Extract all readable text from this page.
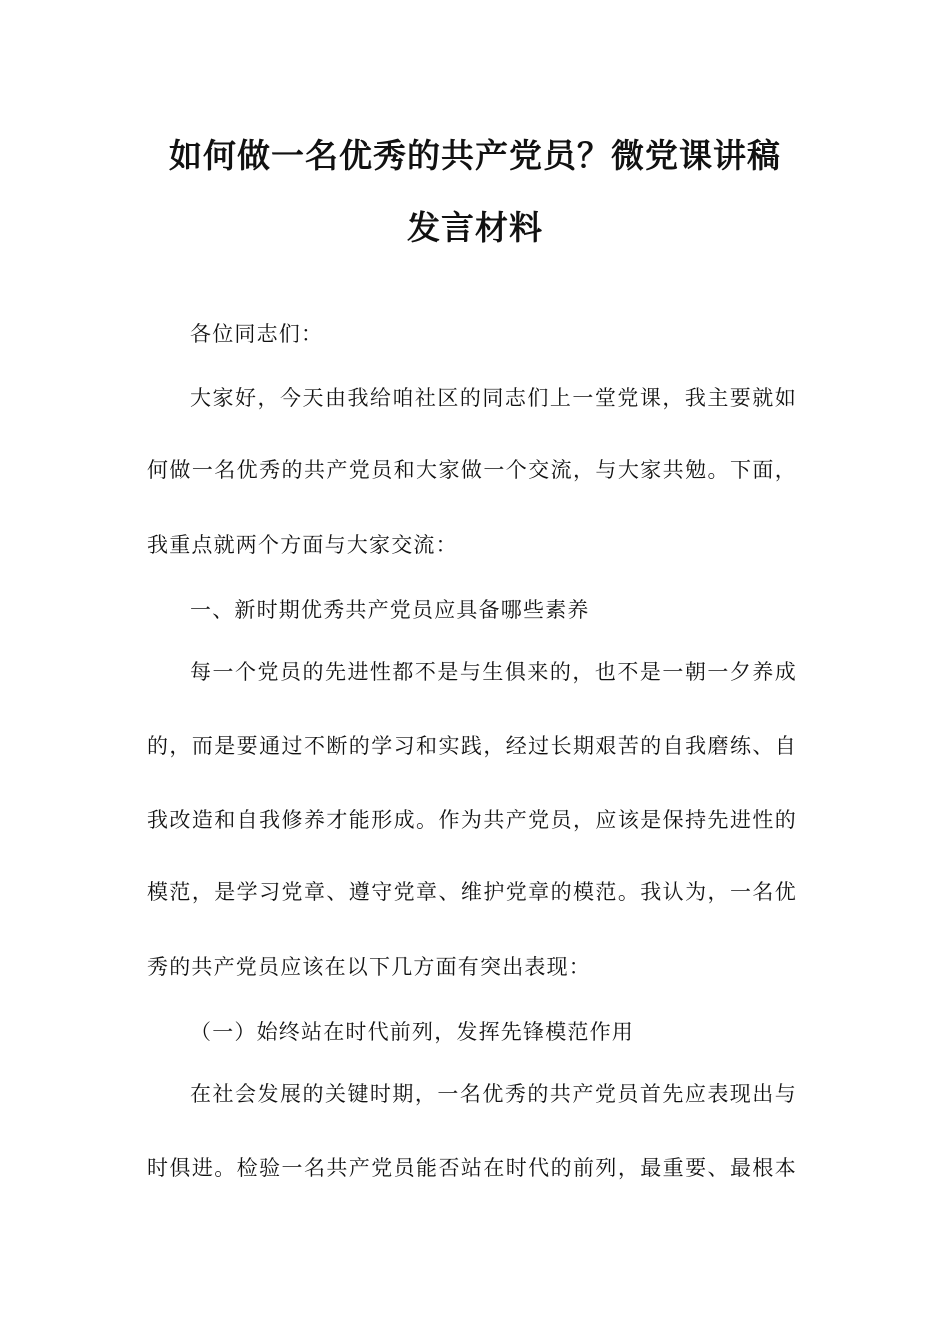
如何做一名优秀的共产党员？微党课讲稿
发言材料
各位同志们：
大家好，今天由我给咱社区的同志们上一堂党课，我主要就如
何做一名优秀的共产党员和大家做一个交流，与大家共勉。下面，
我重点就两个方面与大家交流：
一、新时期优秀共产党员应具备哪些素养
每一个党员的先进性都不是与生俱来的，也不是一朝一夕养成
的，而是要通过不断的学习和实践，经过长期艰苦的自我磨练、自
我改造和自我修养才能形成。作为共产党员，应该是保持先进性的
模范，是学习党章、遵守党章、维护党章的模范。我认为，一名优
秀的共产党员应该在以下几方面有突出表现：
（一）始终站在时代前列，发挥先锋模范作用
在社会发展的关键时期，一名优秀的共产党员首先应表现出与
时俱进。检验一名共产党员能否站在时代的前列，最重要、最根本
